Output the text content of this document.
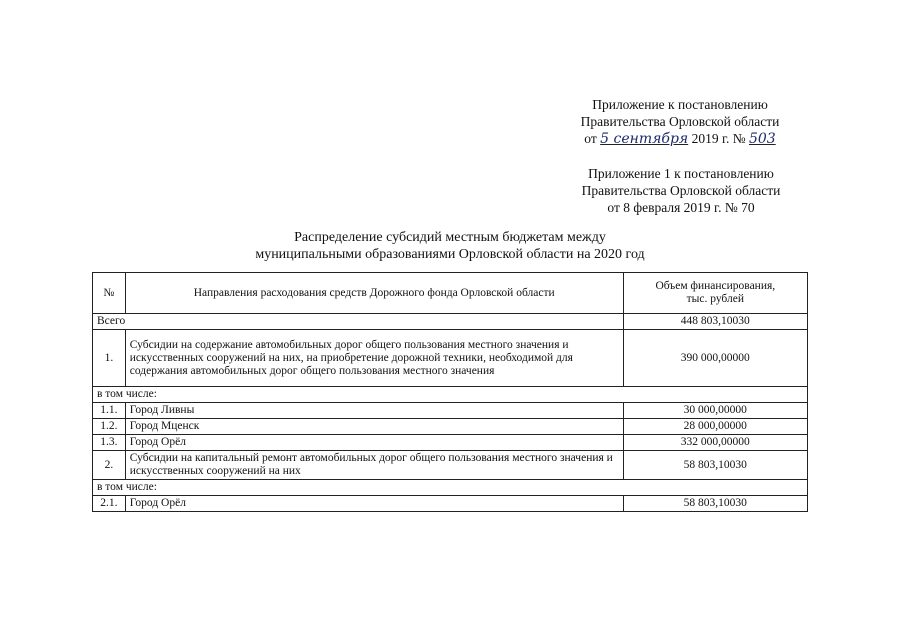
Приложение к постановлению
Правительства Орловской области
от 5 сентября 2019 г. № 503
Приложение 1 к постановлению
Правительства Орловской области
от 8 февраля 2019 г. № 70
Распределение субсидий местным бюджетам между
муниципальными образованиями Орловской области на 2020 год
№	Направления расходования средств Дорожного фонда Орловской области	Объем финансирования,
тыс. рублей

Всего		448 803,10030
1.	Субсидии на содержание автомобильных дорог общего пользования местного значения и искусственных сооружений на них, на приобретение дорожной техники, необходимой для содержания автомобильных дорог общего пользования местного значения	390 000,00000
в том числе:		
1.1.	Город Ливны	30 000,00000
1.2.	Город Мценск	28 000,00000
1.3.	Город Орёл	332 000,00000
2.	Субсидии на капитальный ремонт автомобильных дорог общего пользования местного значения и искусственных сооружений на них	58 803,10030
в том числе:		
2.1.	Город Орёл	58 803,10030
